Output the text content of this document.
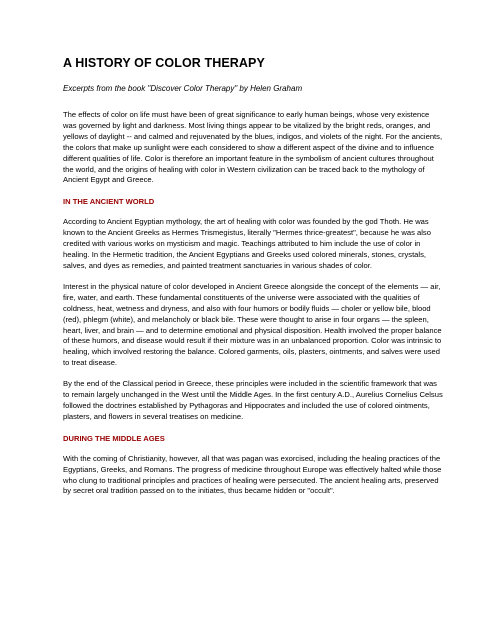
A HISTORY OF COLOR THERAPY
Excerpts from the book "Discover Color Therapy" by Helen Graham

The effects of color on life must have been of great significance to early human beings, whose very existence was governed by light and darkness. Most living things appear to be vitalized by the bright reds, oranges, and yellows of daylight -- and calmed and rejuvenated by the blues, indigos, and violets of the night. For the ancients, the colors that make up sunlight were each considered to show a different aspect of the divine and to influence different qualities of life. Color is therefore an important feature in the symbolism of ancient cultures throughout the world, and the origins of healing with color in Western civilization can be traced back to the mythology of Ancient Egypt and Greece.

IN THE ANCIENT WORLD

According to Ancient Egyptian mythology, the art of healing with color was founded by the god Thoth. He was known to the Ancient Greeks as Hermes Trismegistus, literally "Hermes thrice-greatest", because he was also credited with various works on mysticism and magic. Teachings attributed to him include the use of color in healing. In the Hermetic tradition, the Ancient Egyptians and Greeks used colored minerals, stones, crystals, salves, and dyes as remedies, and painted treatment sanctuaries in various shades of color.

Interest in the physical nature of color developed in Ancient Greece alongside the concept of the elements — air, fire, water, and earth. These fundamental constituents of the universe were associated with the qualities of coldness, heat, wetness and dryness, and also with four humors or bodily fluids — choler or yellow bile, blood (red), phlegm (white), and melancholy or black bile. These were thought to arise in four organs — the spleen, heart, liver, and brain — and to determine emotional and physical disposition. Health involved the proper balance of these humors, and disease would result if their mixture was in an unbalanced proportion. Color was intrinsic to healing, which involved restoring the balance. Colored garments, oils, plasters, ointments, and salves were used to treat disease.

By the end of the Classical period in Greece, these principles were included in the scientific framework that was to remain largely unchanged in the West until the Middle Ages. In the first century A.D., Aurelius Cornelius Celsus followed the doctrines established by Pythagoras and Hippocrates and included the use of colored ointments, plasters, and flowers in several treatises on medicine.

DURING THE MIDDLE AGES

With the coming of Christianity, however, all that was pagan was exorcised, including the healing practices of the Egyptians, Greeks, and Romans. The progress of medicine throughout Europe was effectively halted while those who clung to traditional principles and practices of healing were persecuted. The ancient healing arts, preserved by secret oral tradition passed on to the initiates, thus became hidden or "occult".
